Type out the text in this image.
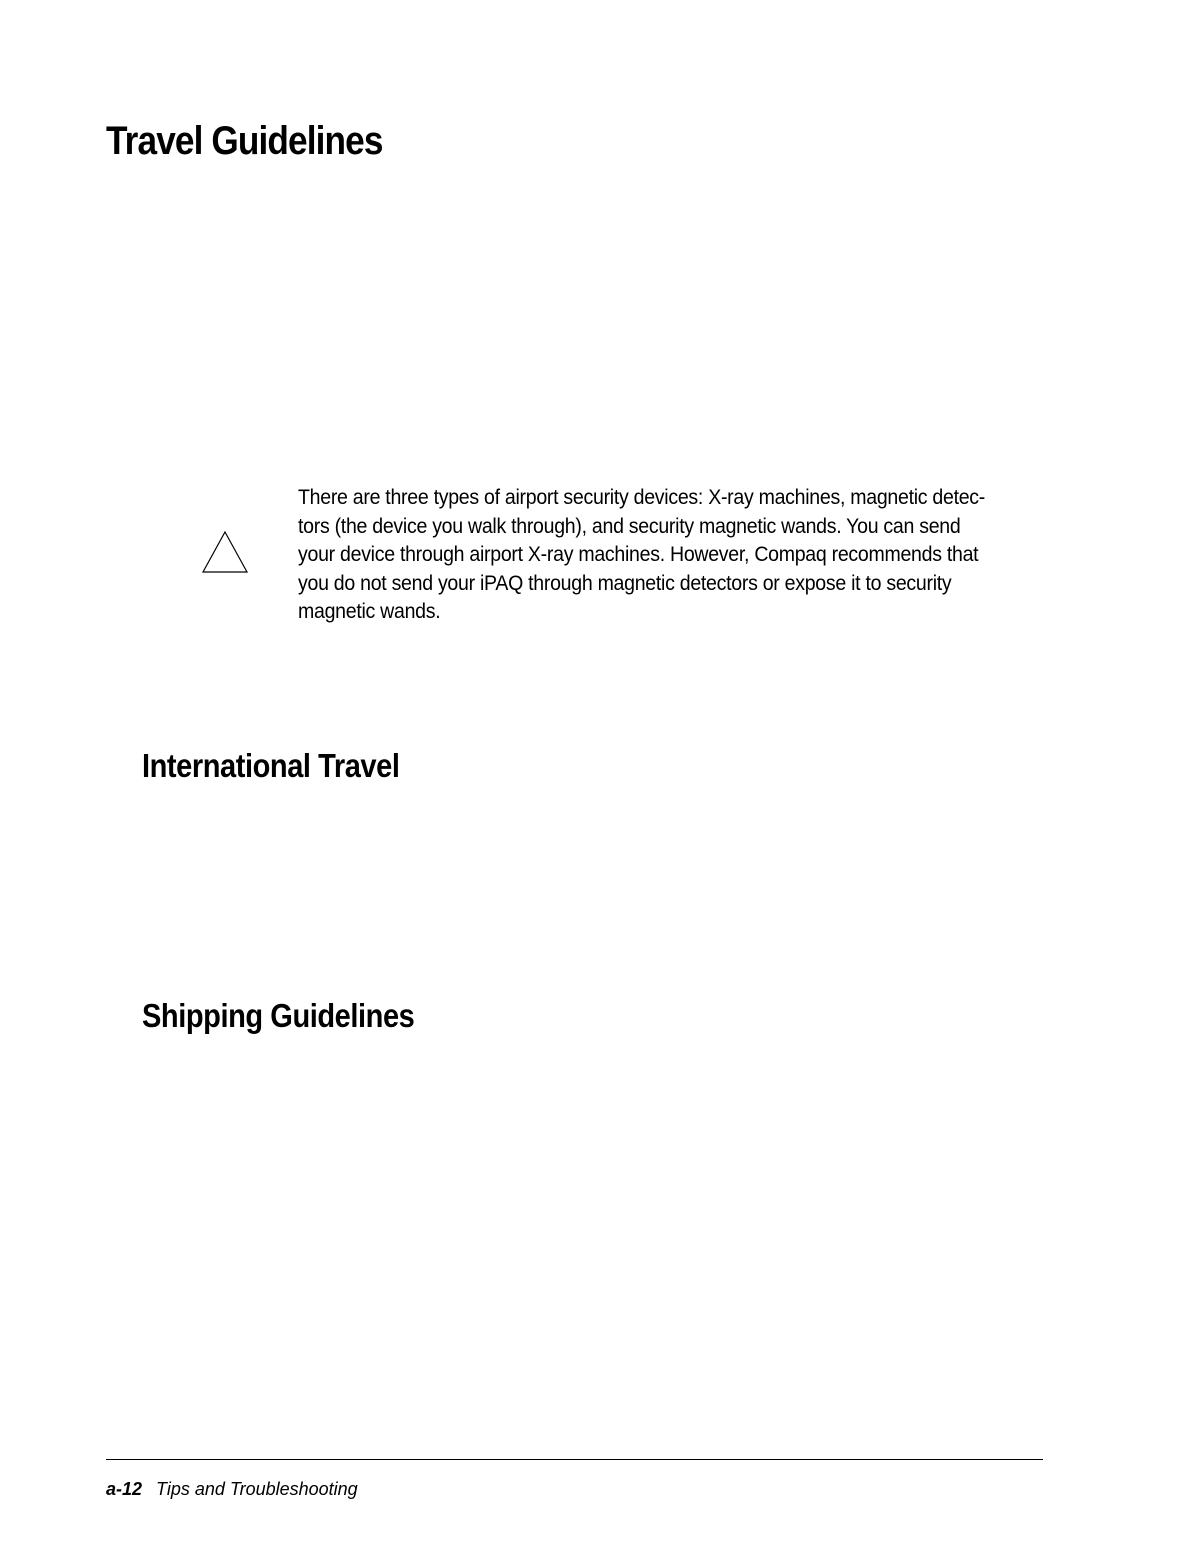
Travel Guidelines

There are three types of airport security devices: X-ray machines, magnetic detec-
tors (the device you walk through), and security magnetic wands. You can send
your device through airport X-ray machines. However, Compaq recommends that
you do not send your iPAQ through magnetic detectors or expose it to security
magnetic wands.

International Travel
Shipping Guidelines
a-12 Tips and Troubleshooting
